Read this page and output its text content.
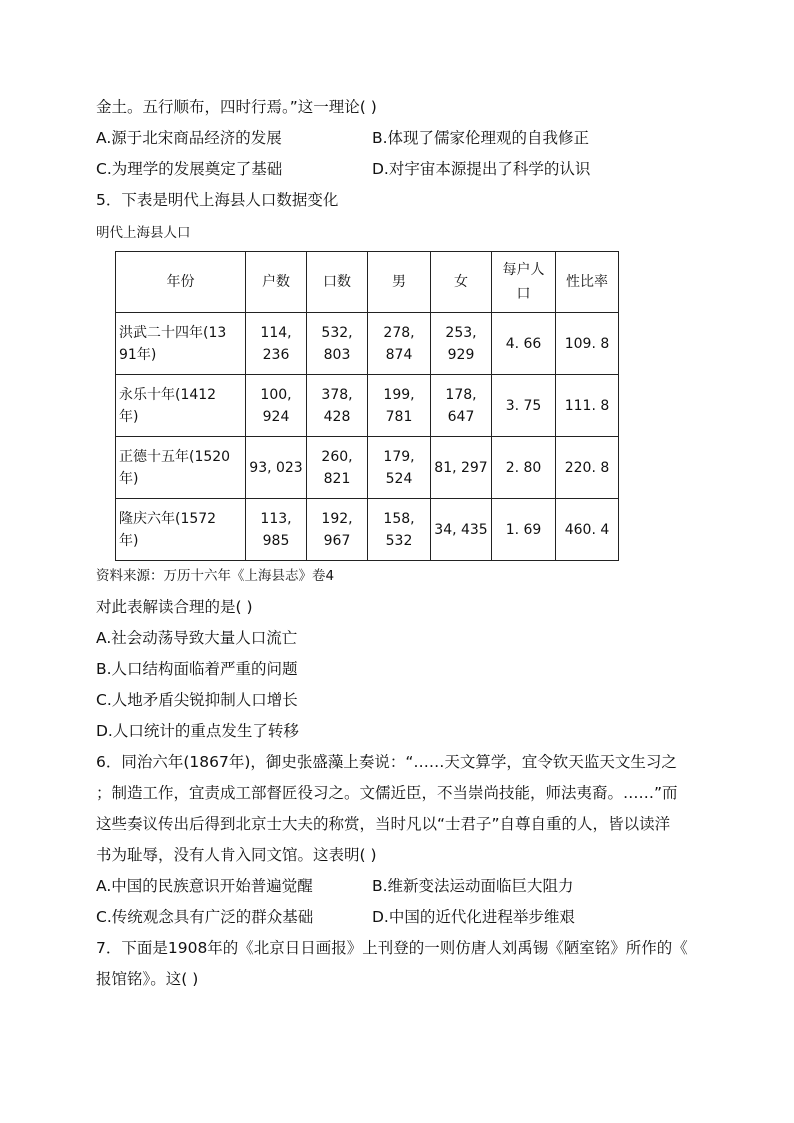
金土。五行顺布，四时行焉。”这一理论( )
A.源于北宋商品经济的发展	B.体现了儒家伦理观的自我修正
C.为理学的发展奠定了基础	D.对宇宙本源提出了科学的认识
5．下表是明代上海县人口数据变化
明代上海县人口
年份	户数	口数	男	女	每户人口	性比率

洪武二十四年(1391年)	114, 236	532, 803	278, 874	253, 929	4. 66	109. 8

永乐十年(1412年)	100, 924	378, 428	199, 781	178, 647	3. 75	111. 8

正德十五年(1520年)	93, 023	260, 821	179, 524	81, 297	2. 80	220. 8

隆庆六年(1572年)	113, 985	192, 967	158, 532	34, 435	1. 69	460. 4
资料来源：万历十六年《上海县志》卷4
对此表解读合理的是( )
A.社会动荡导致大量人口流亡
B.人口结构面临着严重的问题
C.人地矛盾尖锐抑制人口增长
D.人口统计的重点发生了转移
6．同治六年(1867年)，御史张盛藻上奏说：“……天文算学，宜令钦天监天文生习之
；制造工作，宜责成工部督匠役习之。文儒近臣，不当崇尚技能，师法夷裔。……”而
这些奏议传出后得到北京士大夫的称赏，当时凡以“士君子”自尊自重的人，皆以读洋
书为耻辱，没有人肯入同文馆。这表明( )
A.中国的民族意识开始普遍觉醒	B.维新变法运动面临巨大阻力
C.传统观念具有广泛的群众基础	D.中国的近代化进程举步维艰
7．下面是1908年的《北京日日画报》上刊登的一则仿唐人刘禹锡《陋室铭》所作的《
报馆铭》。这( )
